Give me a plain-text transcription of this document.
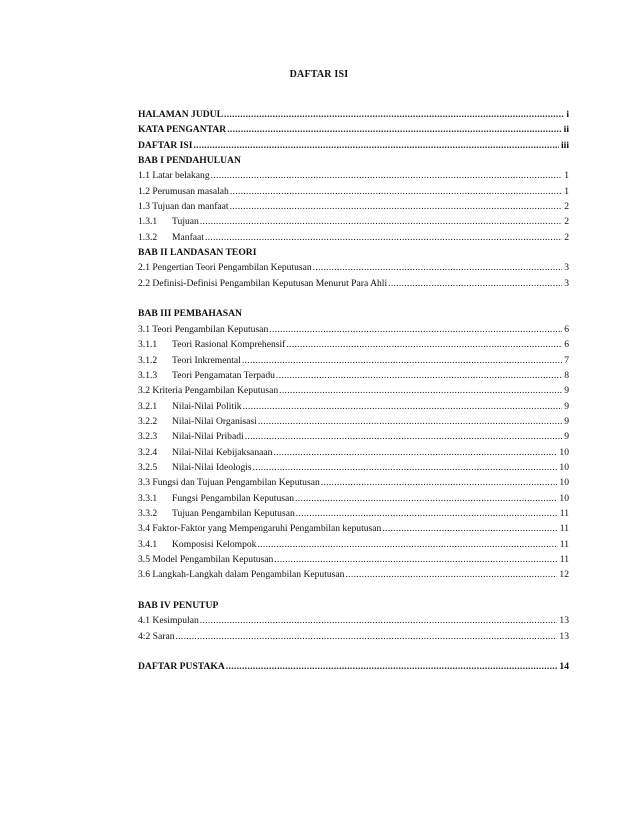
DAFTAR ISI
HALAMAN JUDUL .....	i
KATA PENGANTAR .....	ii
DAFTAR ISI .....	iii
BAB I PENDAHULUAN
1.1 Latar belakang .....	1
1.2 Perumusan masalah .....	1
1.3 Tujuan dan manfaat .....	2
1.3.1	Tujuan .....	2
1.3.2	Manfaat .....	2
BAB II LANDASAN TEORI
2.1 Pengertian Teori Pengambilan Keputusan .....	3
2.2 Definisi-Definisi Pengambilan Keputusan Menurut Para Ahli .....	3
BAB III PEMBAHASAN
3.1 Teori Pengambilan Keputusan .....	6
3.1.1	Teori Rasional Komprehensif .....	6
3.1.2	Teori Inkremental .....	7
3.1.3	Teori Pengamatan Terpadu .....	8
3.2 Kriteria Pengambilan Keputusan .....	9
3.2.1	Nilai-Nilai Politik .....	9
3.2.2	Nilai-Nilai Organisasi .....	9
3.2.3	Nilai-Nilai Pribadi .....	9
3.2.4	Nilai-Nilai Kebijaksanaan .....	10
3.2.5	Nilai-Nilai Ideologis .....	10
3.3 Fungsi dan Tujuan Pengambilan Keputusan .....	10
3.3.1	Fungsi Pengambilan Keputusan .....	10
3.3.2	Tujuan Pengambilan Keputusan .....	11
3.4 Faktor-Faktor yang Mempengaruhi Pengambilan keputusan .....	11
3.4.1	Komposisi Kelompok .....	11
3.5 Model Pengambilan Keputusan .....	11
3.6 Langkah-Langkah dalam Pengambilan Keputusan .....	12
BAB IV PENUTUP
4.1 Kesimpulan .....	13
4:2 Saran .....	13
DAFTAR PUSTAKA .....	14
